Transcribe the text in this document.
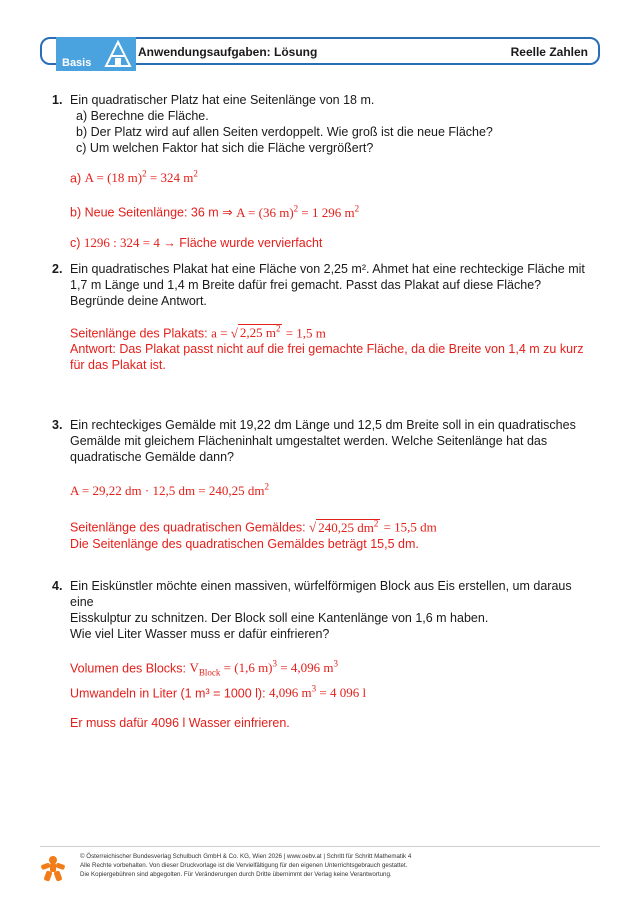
Basis
Anwendungsaufgaben: Lösung	Reelle Zahlen
1. Ein quadratischer Platz hat eine Seitenlänge von 18 m.
a) Berechne die Fläche.
b) Der Platz wird auf allen Seiten verdoppelt. Wie groß ist die neue Fläche?
c) Um welchen Faktor hat sich die Fläche vergrößert?
a) A = (18 m)$^2$ = 324 $m^2$
b) Neue Seitenlänge: 36 m ⇒ A = (36 m)$^2$ = 1 296 $m^2$
c) 1296 : 324 = 4 → Fläche wurde vervierfacht
2. Ein quadratisches Plakat hat eine Fläche von 2,25 m². Ahmet hat eine rechteckige Fläche mit
1,7 m Länge und 1,4 m Breite dafür frei gemacht. Passt das Plakat auf diese Fläche?
Begründe deine Antwort.
Seitenlänge des Plakats: a = √ 2,25 $m^2 = 1,5$ m
Antwort: Das Plakat passt nicht auf die frei gemachte Fläche, da die Breite von 1,4 m zu kurz
für das Plakat ist.
3. Ein rechteckiges Gemälde mit 19,22 dm Länge und 12,5 dm Breite soll in ein quadratisches
Gemälde mit gleichem Flächeninhalt umgestaltet werden. Welche Seitenlänge hat das
quadratische Gemälde dann?
A = 29,22 dm · 12,5 dm = 240,25 $dm^2$
Seitenlänge des quadratischen Gemäldes: √ 240,25 $dm^2 = 15,5$ dm
Die Seitenlänge des quadratischen Gemäldes beträgt 15,5 dm.
4. Ein Eiskünstler möchte einen massiven, würfelförmigen Block aus Eis erstellen, um daraus eine
Eisskulptur zu schnitzen. Der Block soll eine Kantenlänge von 1,6 m haben.
Wie viel Liter Wasser muss er dafür einfrieren?
Volumen des Blocks: $V_{Block} = (1,6$ m)$^3$ = 4,096 $m^3$
Umwandeln in Liter (1 m³ = 1000 l): 4,096 $m^3 = 4$ 096 l
Er muss dafür 4096 l Wasser einfrieren.
© Österreichischer Bundesverlag Schulbuch GmbH & Co. KG, Wien 2026 | www.oebv.at | Schritt für Schritt Mathematik 4
Alle Rechte vorbehalten. Von dieser Druckvorlage ist die Vervielfältigung für den eigenen Unterrichtsgebrauch gestattet.
Die Kopiergebühren sind abgegolten. Für Veränderungen durch Dritte übernimmt der Verlag keine Verantwortung.
